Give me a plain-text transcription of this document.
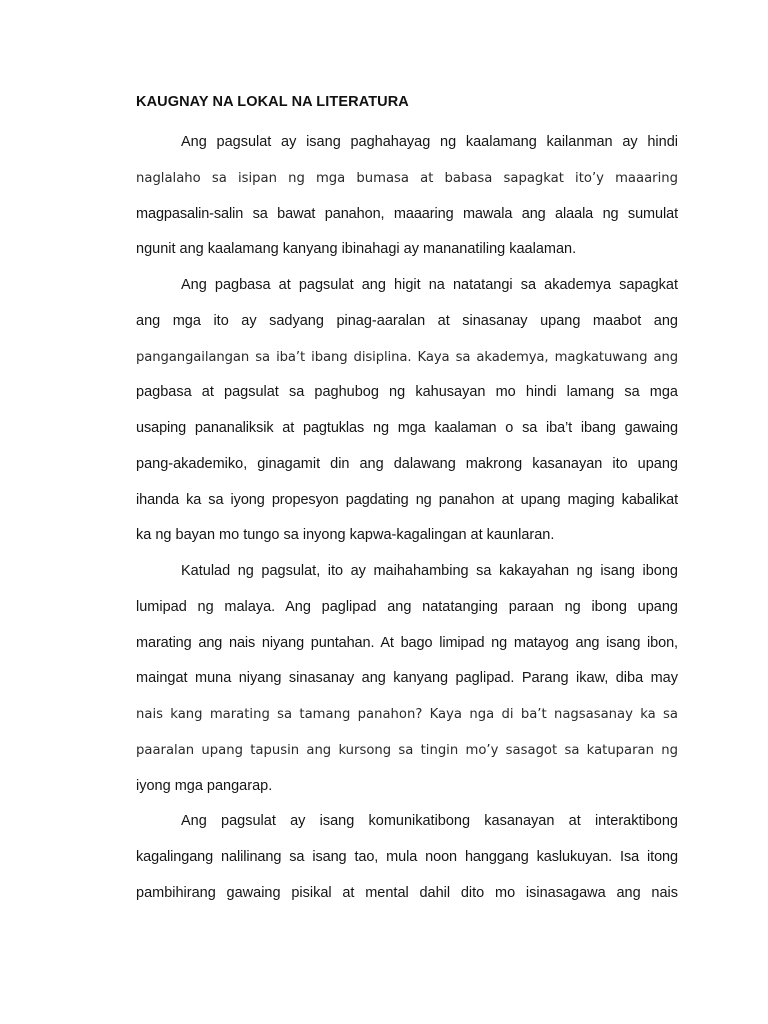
KAUGNAY NA LOKAL NA LITERATURA
Ang pagsulat ay isang paghahayag ng kaalamang kailanman ay hindi
naglalaho sa isipan ng mga bumasa at babasa sapagkat ito’y maaaring
magpasalin-salin sa bawat panahon, maaaring mawala ang alaala ng sumulat
ngunit ang kaalamang kanyang ibinahagi ay mananatiling kaalaman.
Ang pagbasa at pagsulat ang higit na natatangi sa akademya sapagkat
ang mga ito ay sadyang pinag-aaralan at sinasanay upang maabot ang
pangangailangan sa iba’t ibang disiplina. Kaya sa akademya, magkatuwang ang
pagbasa at pagsulat sa paghubog ng kahusayan mo hindi lamang sa mga
usaping pananaliksik at pagtuklas ng mga kaalaman o sa iba’t ibang gawaing
pang-akademiko, ginagamit din ang dalawang makrong kasanayan ito upang
ihanda ka sa iyong propesyon pagdating ng panahon at upang maging kabalikat
ka ng bayan mo tungo sa inyong kapwa-kagalingan at kaunlaran.
Katulad ng pagsulat, ito ay maihahambing sa kakayahan ng isang ibong
lumipad ng malaya. Ang paglipad ang natatanging paraan ng ibong upang
marating ang nais niyang puntahan. At bago limipad ng matayog ang isang ibon,
maingat muna niyang sinasanay ang kanyang paglipad. Parang ikaw, diba may
nais kang marating sa tamang panahon? Kaya nga di ba’t nagsasanay ka sa
paaralan upang tapusin ang kursong sa tingin mo’y sasagot sa katuparan ng
iyong mga pangarap.
Ang pagsulat ay isang komunikatibong kasanayan at interaktibong
kagalingang nalilinang sa isang tao, mula noon hanggang kaslukuyan. Isa itong
pambihirang gawaing pisikal at mental dahil dito mo isinasagawa ang nais
